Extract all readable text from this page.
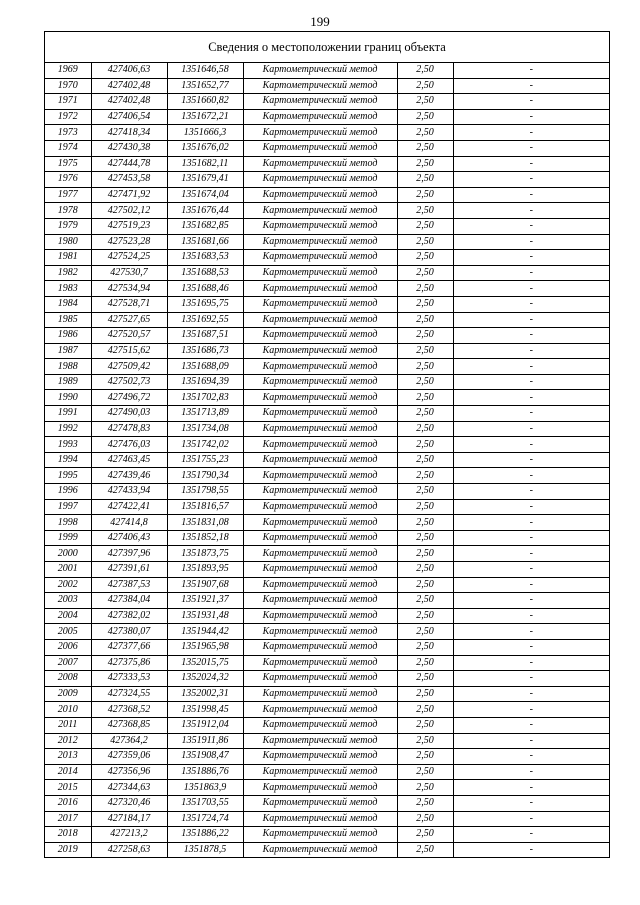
199
Сведения о местоположении границ объекта
1969	427406,63	1351646,58	Картометрический метод	2,50	-
1970	427402,48	1351652,77	Картометрический метод	2,50	-
1971	427402,48	1351660,82	Картометрический метод	2,50	-
1972	427406,54	1351672,21	Картометрический метод	2,50	-
1973	427418,34	1351666,3	Картометрический метод	2,50	-
1974	427430,38	1351676,02	Картометрический метод	2,50	-
1975	427444,78	1351682,11	Картометрический метод	2,50	-
1976	427453,58	1351679,41	Картометрический метод	2,50	-
1977	427471,92	1351674,04	Картометрический метод	2,50	-
1978	427502,12	1351676,44	Картометрический метод	2,50	-
1979	427519,23	1351682,85	Картометрический метод	2,50	-
1980	427523,28	1351681,66	Картометрический метод	2,50	-
1981	427524,25	1351683,53	Картометрический метод	2,50	-
1982	427530,7	1351688,53	Картометрический метод	2,50	-
1983	427534,94	1351688,46	Картометрический метод	2,50	-
1984	427528,71	1351695,75	Картометрический метод	2,50	-
1985	427527,65	1351692,55	Картометрический метод	2,50	-
1986	427520,57	1351687,51	Картометрический метод	2,50	-
1987	427515,62	1351686,73	Картометрический метод	2,50	-
1988	427509,42	1351688,09	Картометрический метод	2,50	-
1989	427502,73	1351694,39	Картометрический метод	2,50	-
1990	427496,72	1351702,83	Картометрический метод	2,50	-
1991	427490,03	1351713,89	Картометрический метод	2,50	-
1992	427478,83	1351734,08	Картометрический метод	2,50	-
1993	427476,03	1351742,02	Картометрический метод	2,50	-
1994	427463,45	1351755,23	Картометрический метод	2,50	-
1995	427439,46	1351790,34	Картометрический метод	2,50	-
1996	427433,94	1351798,55	Картометрический метод	2,50	-
1997	427422,41	1351816,57	Картометрический метод	2,50	-
1998	427414,8	1351831,08	Картометрический метод	2,50	-
1999	427406,43	1351852,18	Картометрический метод	2,50	-
2000	427397,96	1351873,75	Картометрический метод	2,50	-
2001	427391,61	1351893,95	Картометрический метод	2,50	-
2002	427387,53	1351907,68	Картометрический метод	2,50	-
2003	427384,04	1351921,37	Картометрический метод	2,50	-
2004	427382,02	1351931,48	Картометрический метод	2,50	-
2005	427380,07	1351944,42	Картометрический метод	2,50	-
2006	427377,66	1351965,98	Картометрический метод	2,50	-
2007	427375,86	1352015,75	Картометрический метод	2,50	-
2008	427333,53	1352024,32	Картометрический метод	2,50	-
2009	427324,55	1352002,31	Картометрический метод	2,50	-
2010	427368,52	1351998,45	Картометрический метод	2,50	-
2011	427368,85	1351912,04	Картометрический метод	2,50	-
2012	427364,2	1351911,86	Картометрический метод	2,50	-
2013	427359,06	1351908,47	Картометрический метод	2,50	-
2014	427356,96	1351886,76	Картометрический метод	2,50	-
2015	427344,63	1351863,9	Картометрический метод	2,50	-
2016	427320,46	1351703,55	Картометрический метод	2,50	-
2017	427184,17	1351724,74	Картометрический метод	2,50	-
2018	427213,2	1351886,22	Картометрический метод	2,50	-
2019	427258,63	1351878,5	Картометрический метод	2,50	-
